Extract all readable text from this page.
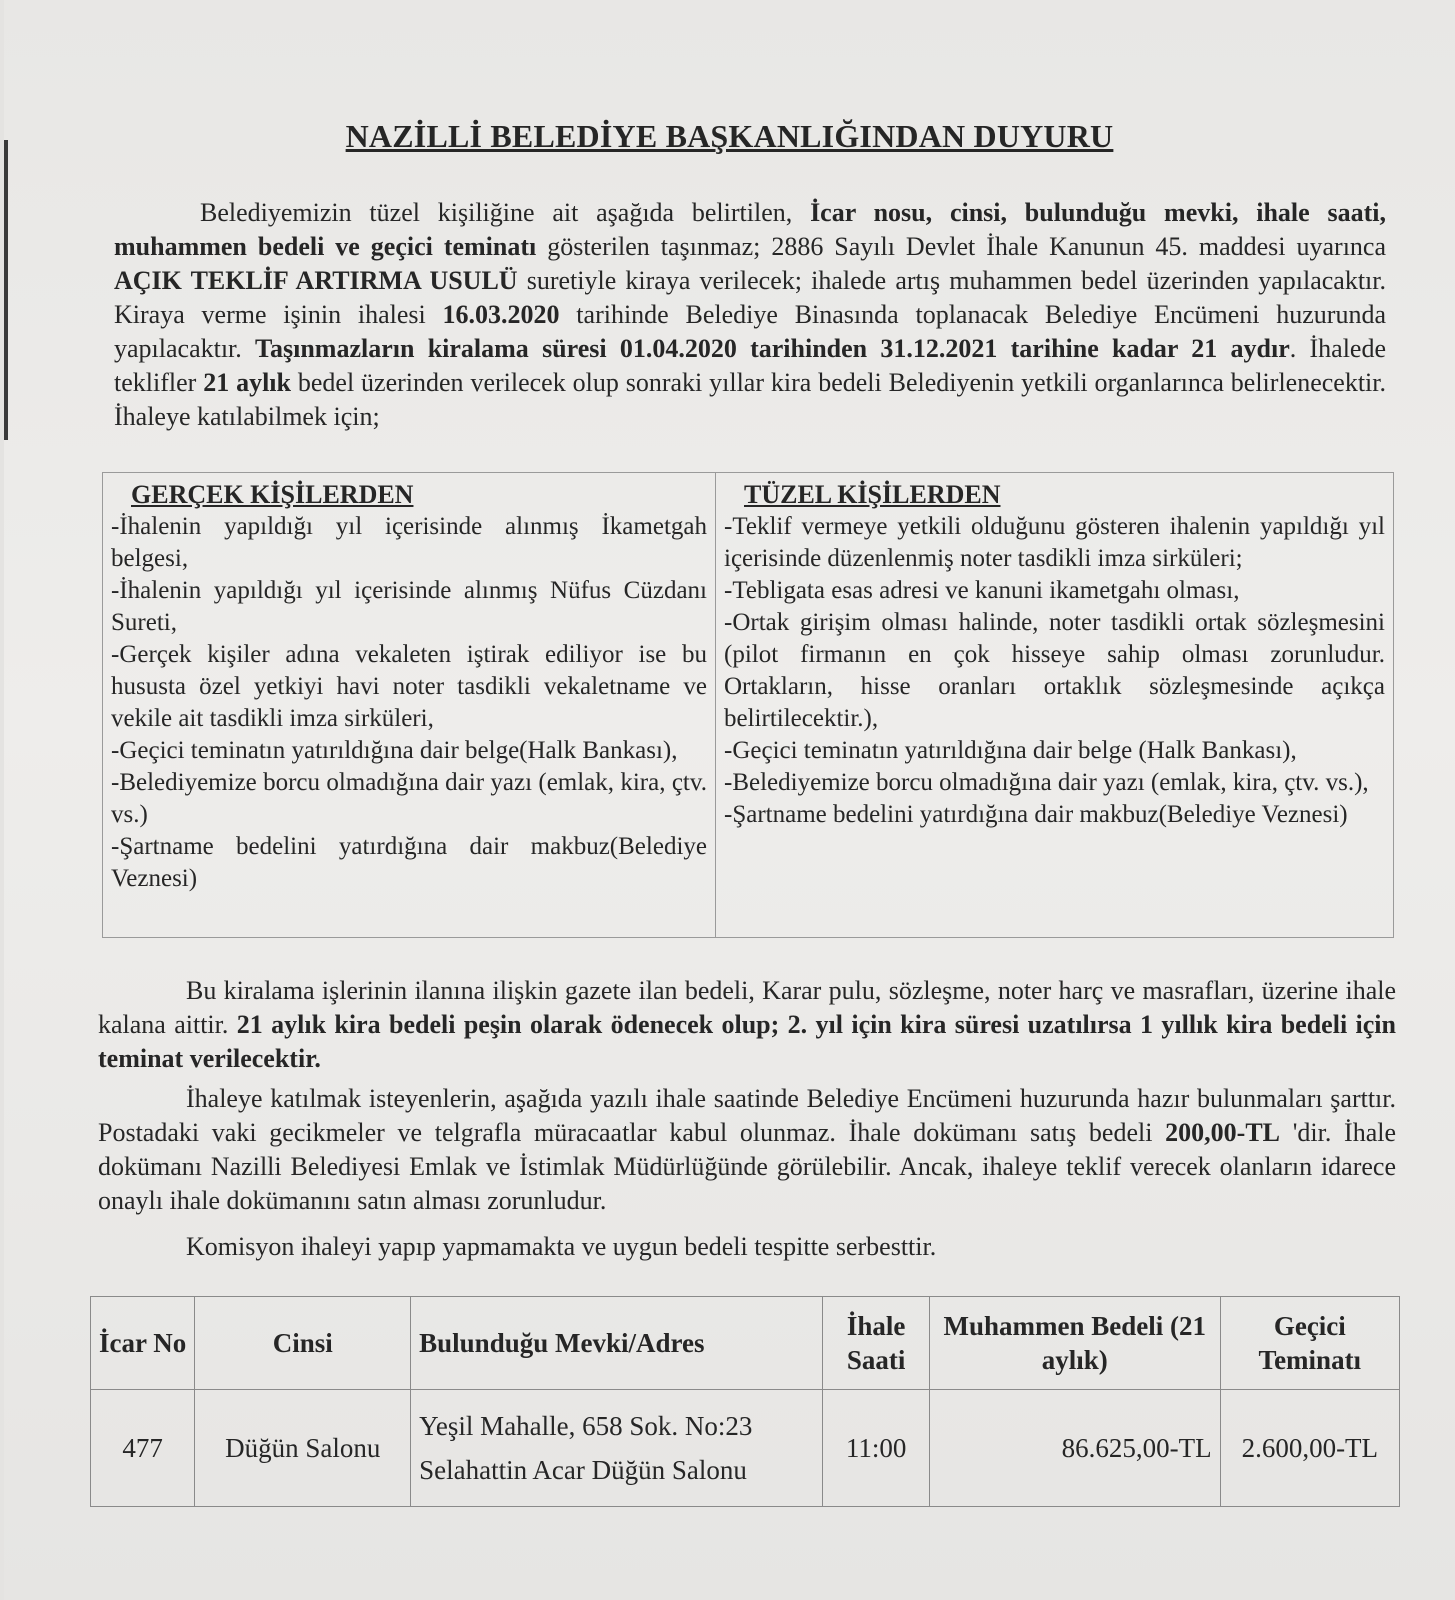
NAZİLLİ BELEDİYE BAŞKANLIĞINDAN DUYURU

Belediyemizin tüzel kişiliğine ait aşağıda belirtilen, İcar nosu, cinsi, bulunduğu mevki, ihale saati, muhammen bedeli ve geçici teminatı gösterilen taşınmaz; 2886 Sayılı Devlet İhale Kanunun 45. maddesi uyarınca AÇIK TEKLİF ARTIRMA USULÜ suretiyle kiraya verilecek; ihalede artış muhammen bedel üzerinden yapılacaktır. Kiraya verme işinin ihalesi 16.03.2020 tarihinde Belediye Binasında toplanacak Belediye Encümeni huzurunda yapılacaktır. Taşınmazların kiralama süresi 01.04.2020 tarihinden 31.12.2021 tarihine kadar 21 aydır. İhalede teklifler 21 aylık bedel üzerinden verilecek olup sonraki yıllar kira bedeli Belediyenin yetkili organlarınca belirlenecektir. İhaleye katılabilmek için;

GERÇEK KİŞİLERDEN

-İhalenin yapıldığı yıl içerisinde alınmış İkametgah belgesi,

-İhalenin yapıldığı yıl içerisinde alınmış Nüfus Cüzdanı Sureti,

-Gerçek kişiler adına vekaleten iştirak ediliyor ise bu hususta özel yetkiyi havi noter tasdikli vekaletname ve vekile ait tasdikli imza sirküleri,

-Geçici teminatın yatırıldığına dair belge(Halk Bankası),

-Belediyemize borcu olmadığına dair yazı (emlak, kira, çtv. vs.)

-Şartname bedelini yatırdığına dair makbuz(Belediye Veznesi)

TÜZEL KİŞİLERDEN

-Teklif vermeye yetkili olduğunu gösteren ihalenin yapıldığı yıl içerisinde düzenlenmiş noter tasdikli imza sirküleri;

-Tebligata esas adresi ve kanuni ikametgahı olması,

-Ortak girişim olması halinde, noter tasdikli ortak sözleşmesini (pilot firmanın en çok hisseye sahip olması zorunludur. Ortakların, hisse oranları ortaklık sözleşmesinde açıkça belirtilecektir.),

-Geçici teminatın yatırıldığına dair belge (Halk Bankası),

-Belediyemize borcu olmadığına dair yazı (emlak, kira, çtv. vs.),

-Şartname bedelini yatırdığına dair makbuz(Belediye Veznesi)

Bu kiralama işlerinin ilanına ilişkin gazete ilan bedeli, Karar pulu, sözleşme, noter harç ve masrafları, üzerine ihale kalana aittir. 21 aylık kira bedeli peşin olarak ödenecek olup; 2. yıl için kira süresi uzatılırsa 1 yıllık kira bedeli için teminat verilecektir.

İhaleye katılmak isteyenlerin, aşağıda yazılı ihale saatinde Belediye Encümeni huzurunda hazır bulunmaları şarttır. Postadaki vaki gecikmeler ve telgrafla müracaatlar kabul olunmaz. İhale dokümanı satış bedeli 200,00-TL 'dir. İhale dokümanı Nazilli Belediyesi Emlak ve İstimlak Müdürlüğünde görülebilir. Ancak, ihaleye teklif verecek olanların idarece onaylı ihale dokümanını satın alması zorunludur.

Komisyon ihaleyi yapıp yapmamakta ve uygun bedeli tespitte serbesttir.

İcar No	Cinsi	Bulunduğu Mevki/Adres	İhale Saati	Muhammen Bedeli (21 aylık)	Geçici Teminatı
477	Düğün Salonu	Yeşil Mahalle, 658 Sok. No:23
Selahattin Acar Düğün Salonu	11:00	86.625,00-TL	2.600,00-TL
